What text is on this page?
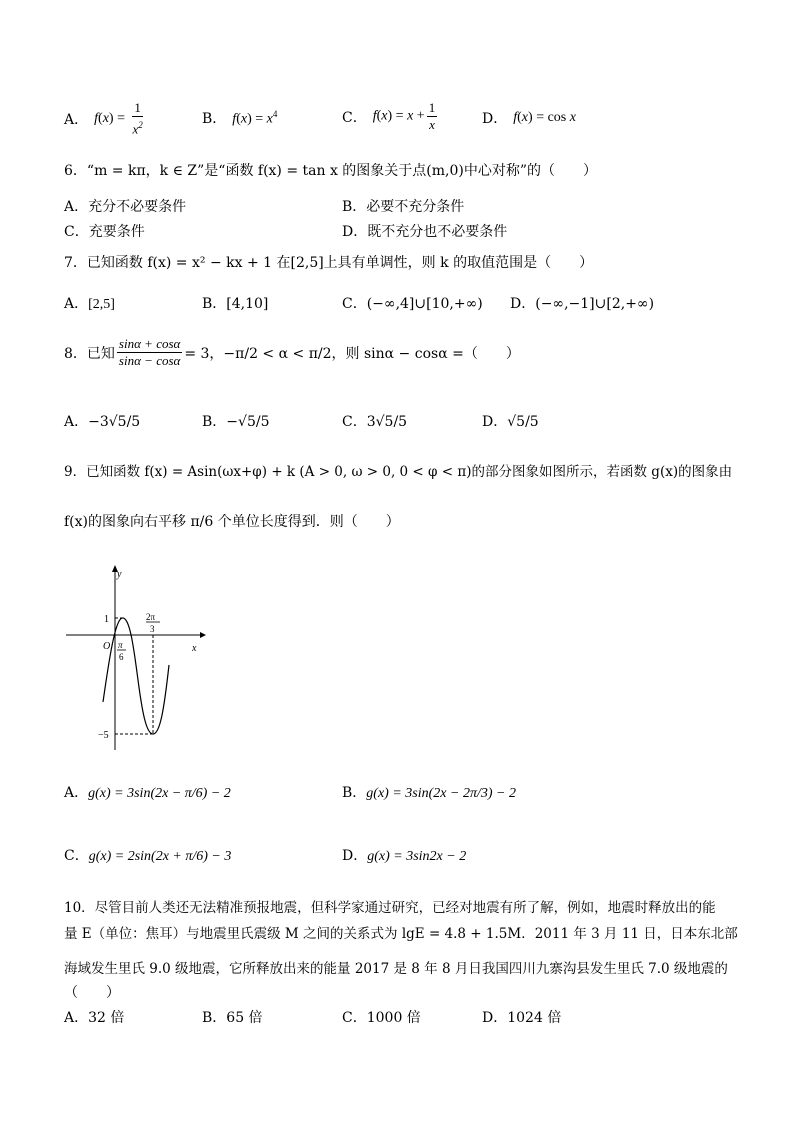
A． $f(x) = \frac{1}{x^2}$	B． $f(x) = x^4$	C． $f(x) = x + \frac{1}{x}$	D． f(x) = cos x
6．“m = kπ，k ∈ Z”是“函数 f(x) = tan x 的图象关于点(m,0)中心对称”的（　　）
A．充分不必要条件	B．必要不充分条件
C．充要条件	D．既不充分也不必要条件
7．已知函数 f(x) = x² − kx + 1 在[2,5]上具有单调性，则 k 的取值范围是（　　）
A．[2,5]	B．[4,10]	C．(−∞,4]∪[10,+∞) D．(−∞,−1]∪[2,+∞)
8．已知 $\frac{\sin\alpha + \cos\alpha}{\sin\alpha - \cos\alpha} = 3$，−π/2 < α < π/2，则 sinα − cosα =（　　）
A．−3√5/5	B．−√5/5	C．3√5/5	D．√5/5
9．已知函数 f(x) = Asin(ωx+φ) + k (A > 0, ω > 0, 0 < φ < π)的部分图象如图所示，若函数 g(x)的图象由
f(x)的图象向右平移 π/6 个单位长度得到．则（　　）
y
x
O
1
−5
π
6
2π
3
A．g(x) = 3sin(2x − π/6) − 2	B．g(x) = 3sin(2x − 2π/3) − 2
C．g(x) = 2sin(2x + π/6) − 3	D．g(x) = 3sin2x − 2
10．尽管目前人类还无法精准预报地震，但科学家通过研究，已经对地震有所了解，例如，地震时释放出的能
量 E（单位：焦耳）与地震里氏震级 M 之间的关系式为 lgE = 4.8 + 1.5M．2011 年 3 月 11 日，日本东北部
海域发生里氏 9.0 级地震，它所释放出来的能量 2017 是 8 年 8 月日我国四川九寨沟县发生里氏 7.0 级地震的
（　　）
A．32 倍	B．65 倍	C．1000 倍	D．1024 倍
